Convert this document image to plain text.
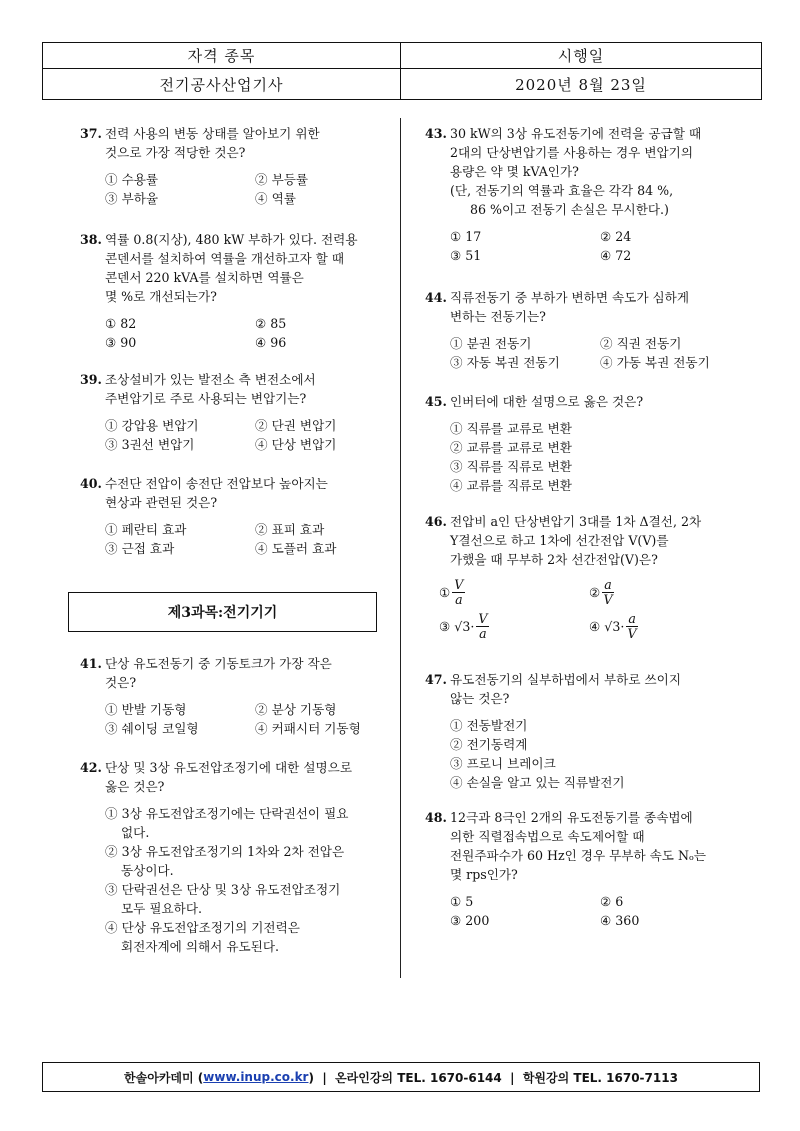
자격 종목	시행일
전기공사산업기사	2020년 8월 23일
37. 전력 사용의 변동 상태를 알아보기 위한
것으로 가장 적당한 것은?
① 수용률	② 부등률
③ 부하율	④ 역률
38. 역률 0.8(지상), 480 kW 부하가 있다. 전력용
콘덴서를 설치하여 역률을 개선하고자 할 때
콘덴서 220 kVA를 설치하면 역률은
몇 %로 개선되는가?
① 82	② 85
③ 90	④ 96
39. 조상설비가 있는 발전소 측 변전소에서
주변압기로 주로 사용되는 변압기는?
① 강압용 변압기	② 단권 변압기
③ 3권선 변압기	④ 단상 변압기
40. 수전단 전압이 송전단 전압보다 높아지는
현상과 관련된 것은?
① 페란티 효과	② 표피 효과
③ 근접 효과	④ 도플러 효과
제3과목:전기기기
41. 단상 유도전동기 중 기동토크가 가장 작은
것은?
① 반발 기동형	② 분상 기동형
③ 쉐이딩 코일형	④ 커패시터 기동형
42. 단상 및 3상 유도전압조정기에 대한 설명으로
옳은 것은?
① 3상 유도전압조정기에는 단락권선이 필요
없다.
② 3상 유도전압조정기의 1차와 2차 전압은
동상이다.
③ 단락권선은 단상 및 3상 유도전압조정기
모두 필요하다.
④ 단상 유도전압조정기의 기전력은
회전자계에 의해서 유도된다.
43. 30 kW의 3상 유도전동기에 전력을 공급할 때
2대의 단상변압기를 사용하는 경우 변압기의
용량은 약 몇 kVA인가?
(단, 전동기의 역률과 효율은 각각 84 %,
86 %이고 전동기 손실은 무시한다.)
① 17	② 24
③ 51	④ 72
44. 직류전동기 중 부하가 변하면 속도가 심하게
변하는 전동기는?
① 분권 전동기	② 직권 전동기
③ 자동 복권 전동기	④ 가동 복권 전동기
45. 인버터에 대한 설명으로 옳은 것은?
① 직류를 교류로 변환
② 교류를 교류로 변환
③ 직류를 직류로 변환
④ 교류를 직류로 변환
46. 전압비 a인 단상변압기 3대를 1차 Δ결선, 2차
Y결선으로 하고 1차에 선간전압 V(V)를
가했을 때 무부하 2차 선간전압(V)은?
① $\frac{V}{a}$	② $\frac{a}{V}$
③ $√3\cdot \frac{V}{a}$	④ $√3\cdot \frac{a}{V}$
47. 유도전동기의 실부하법에서 부하로 쓰이지
않는 것은?
① 전동발전기
② 전기동력계
③ 프로니 브레이크
④ 손실을 알고 있는 직류발전기
48. 12극과 8극인 2개의 유도전동기를 종속법에
의한 직렬접속법으로 속도제어할 때
전원주파수가 60 Hz인 경우 무부하 속도 Nₒ는
몇 rps인가?
① 5	② 6
③ 200	④ 360
한솔아카데미 ( www.inup.co.kr )  |  온라인강의 TEL. 1670-6144  |  학원강의 TEL. 1670-7113
